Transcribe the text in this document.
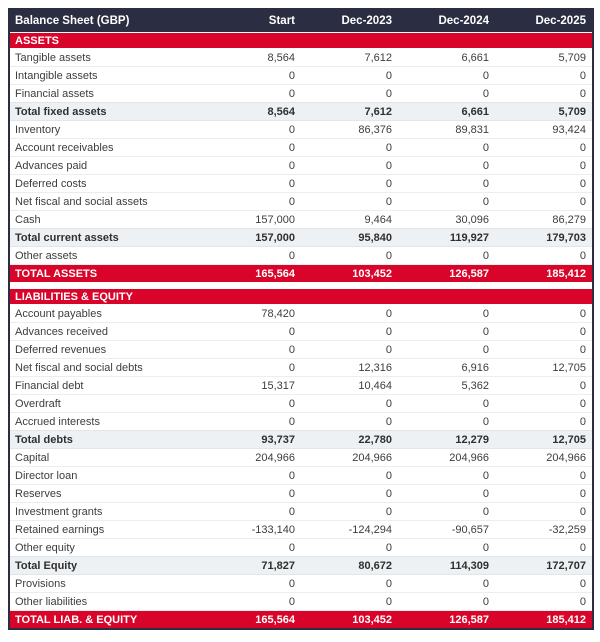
Balance Sheet (GBP)	Start	Dec-2023	Dec-2024	Dec-2025
ASSETS
Tangible assets	8,564	7,612	6,661	5,709
Intangible assets	0	0	0	0
Financial assets	0	0	0	0
Total fixed assets	8,564	7,612	6,661	5,709
Inventory	0	86,376	89,831	93,424
Account receivables	0	0	0	0
Advances paid	0	0	0	0
Deferred costs	0	0	0	0
Net fiscal and social assets	0	0	0	0
Cash	157,000	9,464	30,096	86,279
Total current assets	157,000	95,840	119,927	179,703
Other assets	0	0	0	0
TOTAL ASSETS	165,564	103,452	126,587	185,412
LIABILITIES & EQUITY
Account payables	78,420	0	0	0
Advances received	0	0	0	0
Deferred revenues	0	0	0	0
Net fiscal and social debts	0	12,316	6,916	12,705
Financial debt	15,317	10,464	5,362	0
Overdraft	0	0	0	0
Accrued interests	0	0	0	0
Total debts	93,737	22,780	12,279	12,705
Capital	204,966	204,966	204,966	204,966
Director loan	0	0	0	0
Reserves	0	0	0	0
Investment grants	0	0	0	0
Retained earnings	-133,140	-124,294	-90,657	-32,259
Other equity	0	0	0	0
Total Equity	71,827	80,672	114,309	172,707
Provisions	0	0	0	0
Other liabilities	0	0	0	0
TOTAL LIAB. & EQUITY	165,564	103,452	126,587	185,412
